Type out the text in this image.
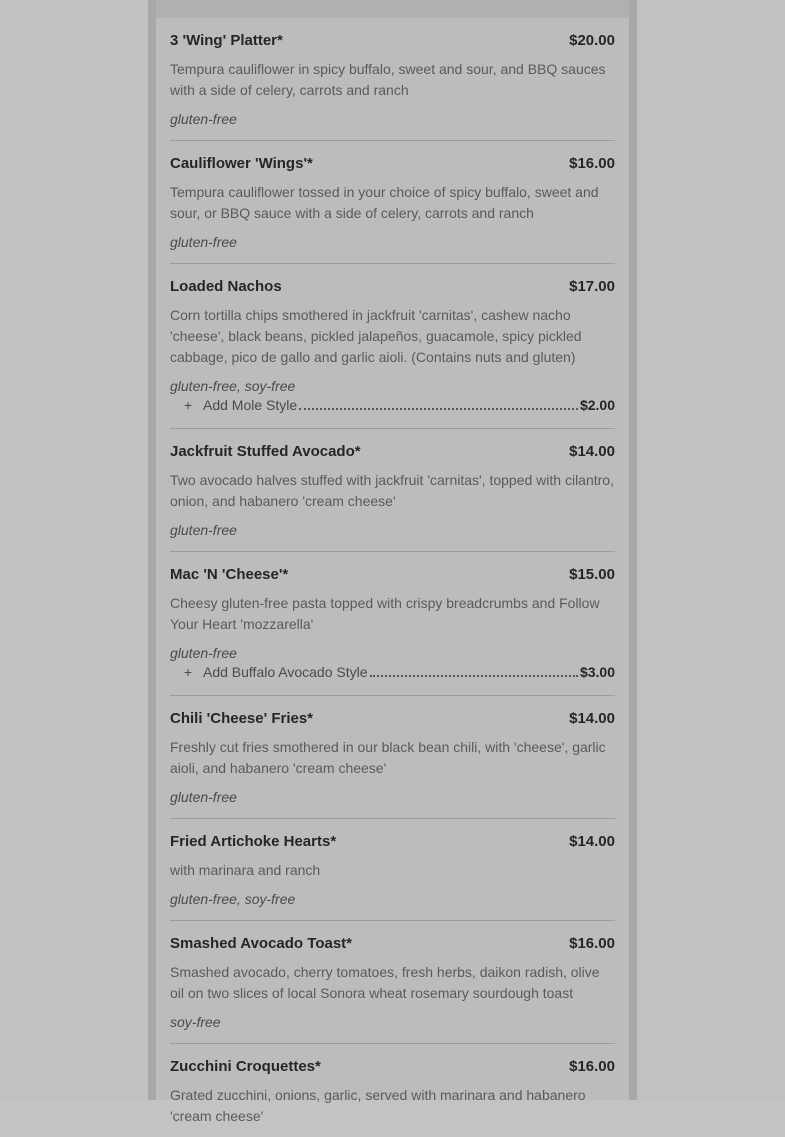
3 'Wing' Platter*	$20.00
Tempura cauliflower in spicy buffalo, sweet and sour, and BBQ sauces with a side of celery, carrots and ranch
gluten-free
Cauliflower 'Wings'*	$16.00
Tempura cauliflower tossed in your choice of spicy buffalo, sweet and sour, or BBQ sauce with a side of celery, carrots and ranch
gluten-free
Loaded Nachos	$17.00
Corn tortilla chips smothered in jackfruit 'carnitas', cashew nacho 'cheese', black beans, pickled jalapeños, guacamole, spicy pickled cabbage, pico de gallo and garlic aioli. (Contains nuts and gluten)
gluten-free, soy-free
+ Add Mole Style	$2.00
Jackfruit Stuffed Avocado*	$14.00
Two avocado halves stuffed with jackfruit 'carnitas', topped with cilantro, onion, and habanero 'cream cheese'
gluten-free
Mac 'N 'Cheese'*	$15.00
Cheesy gluten-free pasta topped with crispy breadcrumbs and Follow Your Heart 'mozzarella'
gluten-free
+ Add Buffalo Avocado Style	$3.00
Chili 'Cheese' Fries*	$14.00
Freshly cut fries smothered in our black bean chili, with 'cheese', garlic aioli, and habanero 'cream cheese'
gluten-free
Fried Artichoke Hearts*	$14.00
with marinara and ranch
gluten-free, soy-free
Smashed Avocado Toast*	$16.00
Smashed avocado, cherry tomatoes, fresh herbs, daikon radish, olive oil on two slices of local Sonora wheat rosemary sourdough toast
soy-free
Zucchini Croquettes*	$16.00
Grated zucchini, onions, garlic, served with marinara and habanero 'cream cheese'
